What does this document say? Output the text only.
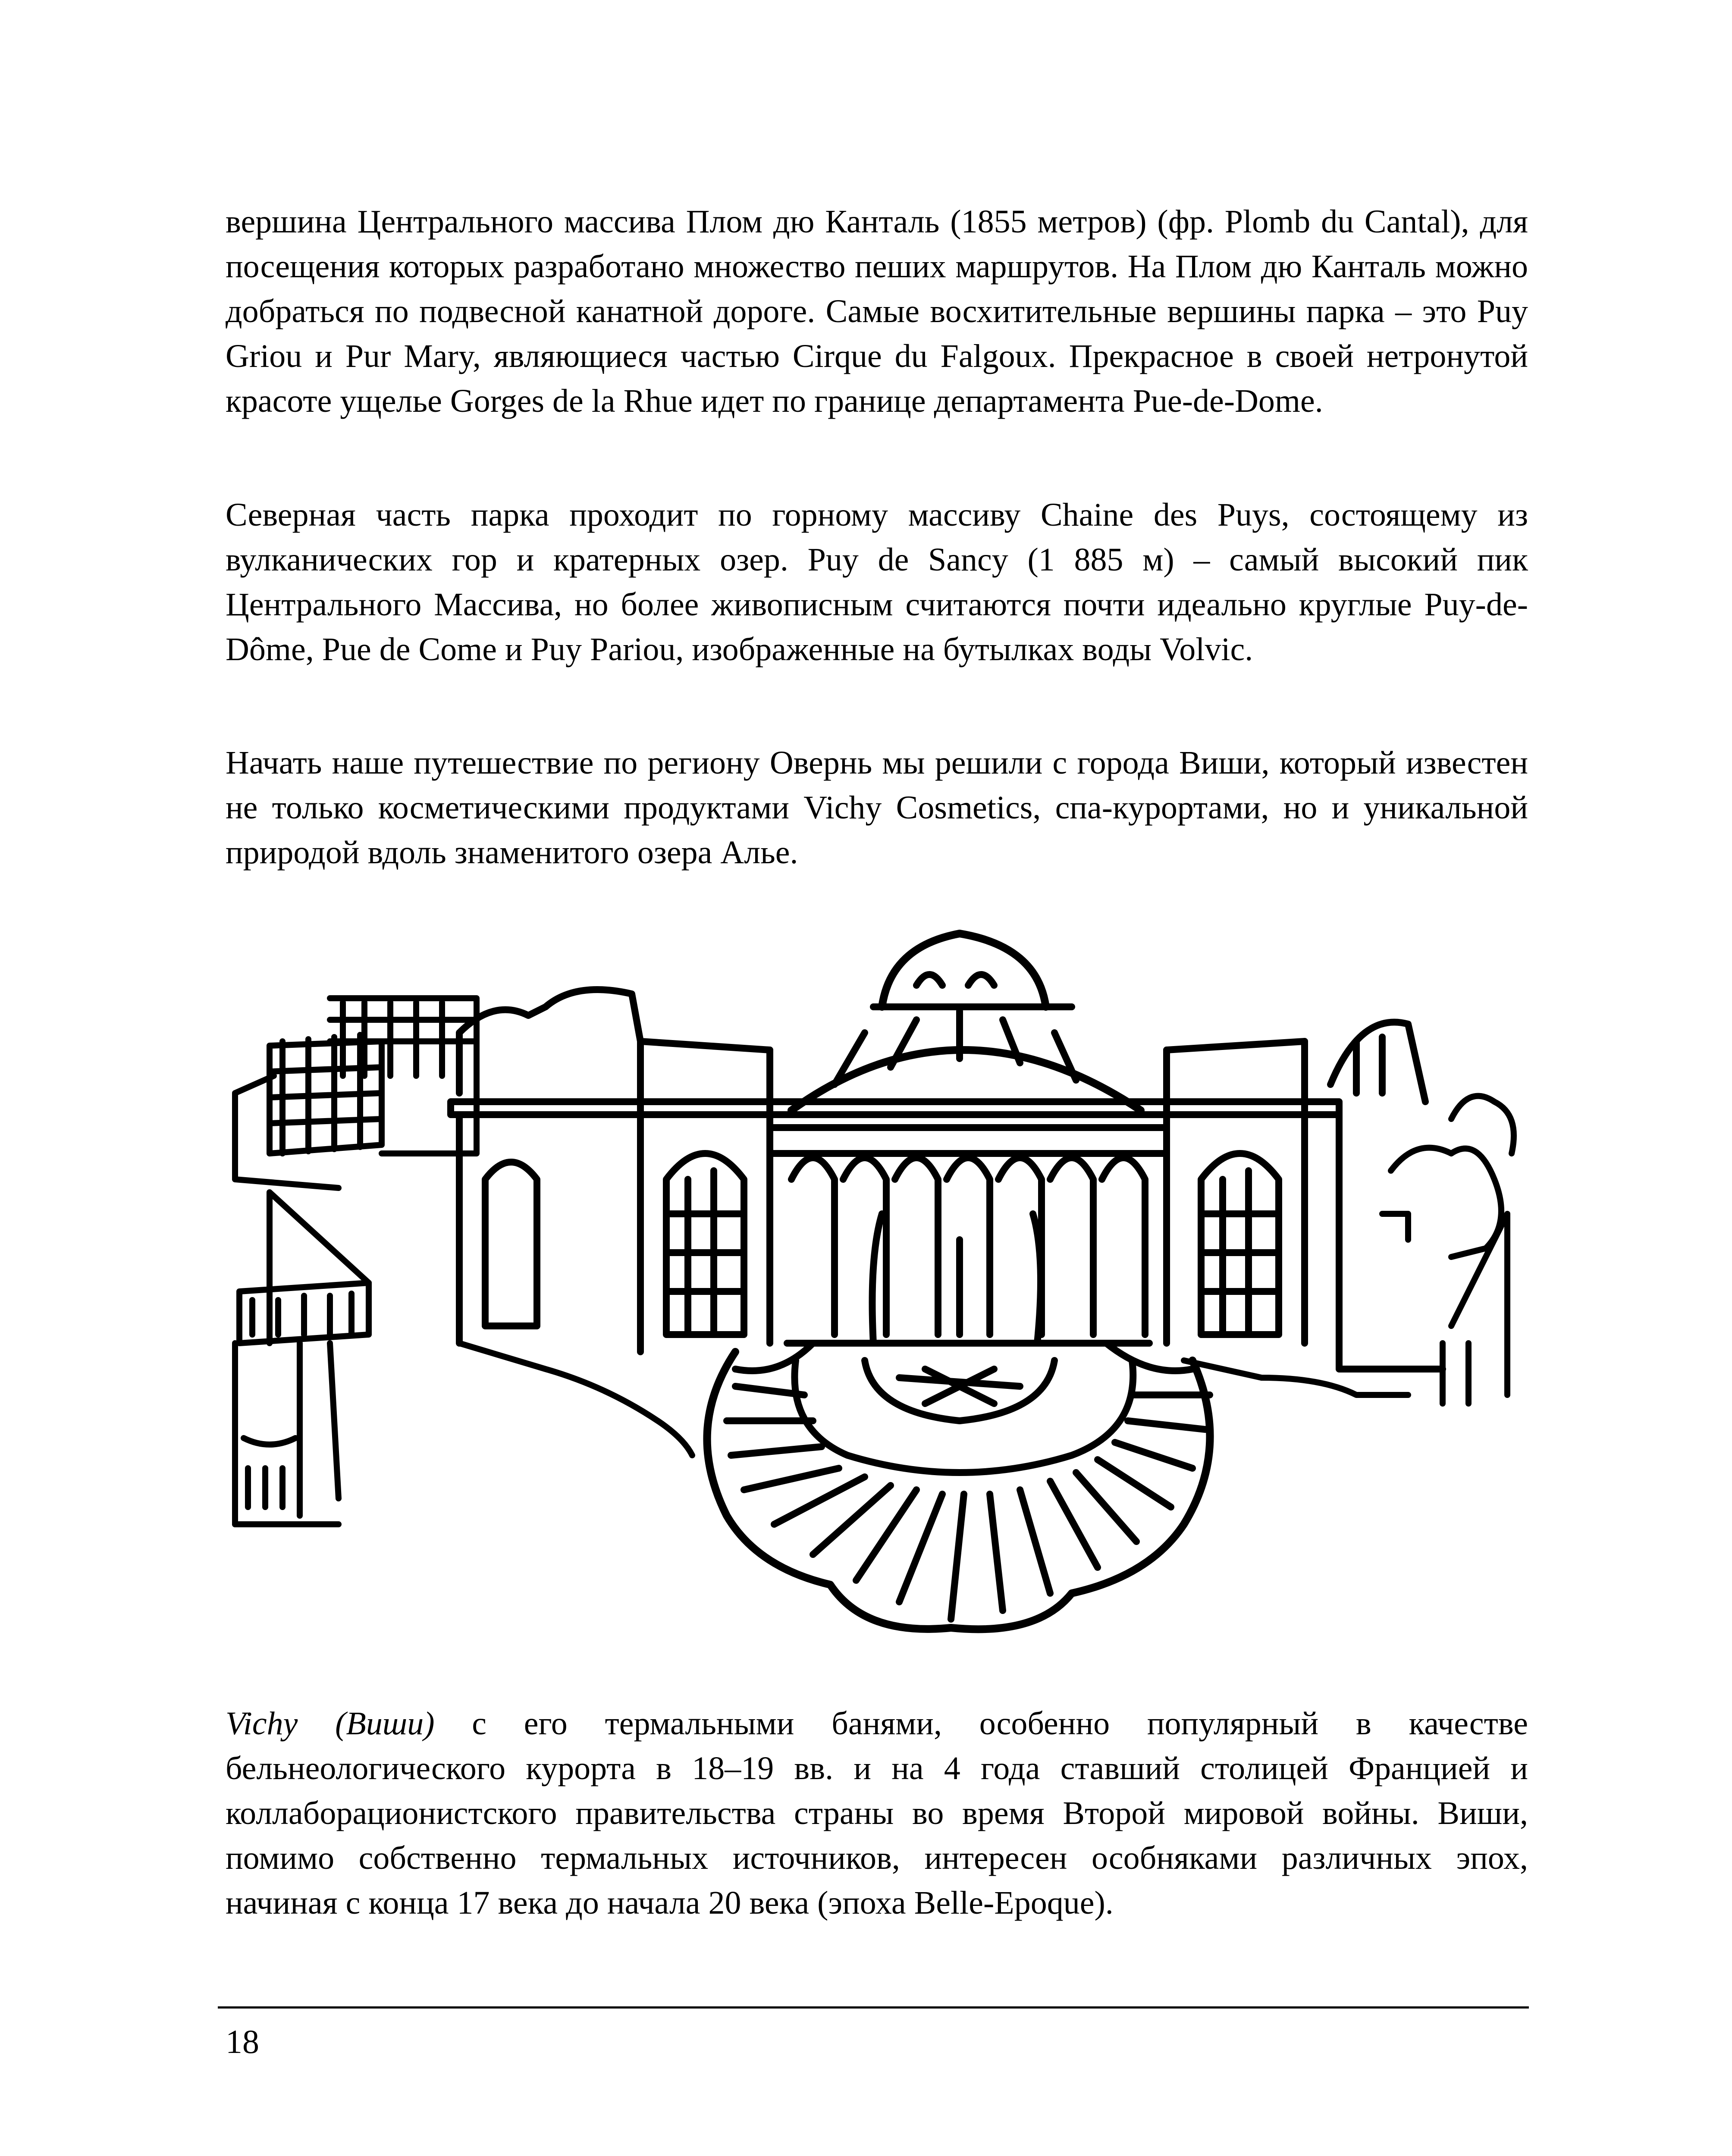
вершина Центрального массива Плом дю Канталь (1855 метров) (фр. Plomb du Cantal), для посещения которых разработано множество пеших маршрутов. На Плом дю Канталь можно добраться по подвесной канатной дороге. Самые восхитительные вершины парка – это Puy Griou и Pur Mary, являющиеся частью Cirque du Falgoux. Прекрасное в своей нетронутой красоте ущелье Gorges de la Rhue идет по границе департамента Pue-de-Dome.
Северная часть парка проходит по горному массиву Chaine des Puys, состоящему из вулканических гор и кратерных озер. Puy de Sancy (1 885 м) – самый высокий пик Центрального Массива, но более живописным считаются почти идеально круглые Puy-de-Dôme, Pue de Come и Puy Pariou, изображенные на бутылках воды Volvic.
Начать наше путешествие по региону Овернь мы решили с города Виши, который известен не только косметическими продуктами Vichy Cosmetics, спа-курортами, но и уникальной природой вдоль знаменитого озера Алье.
Vichy (Виши) с его термальными банями, особенно популярный в качестве бельнеологического курорта в 18–19 вв. и на 4 года ставший столицей Францией и коллаборационистского правительства страны во время Второй мировой войны. Виши, помимо собственно термальных источников, интересен особняками различных эпох, начиная с конца 17 века до начала 20 века (эпоха Belle-Epoque).
18
